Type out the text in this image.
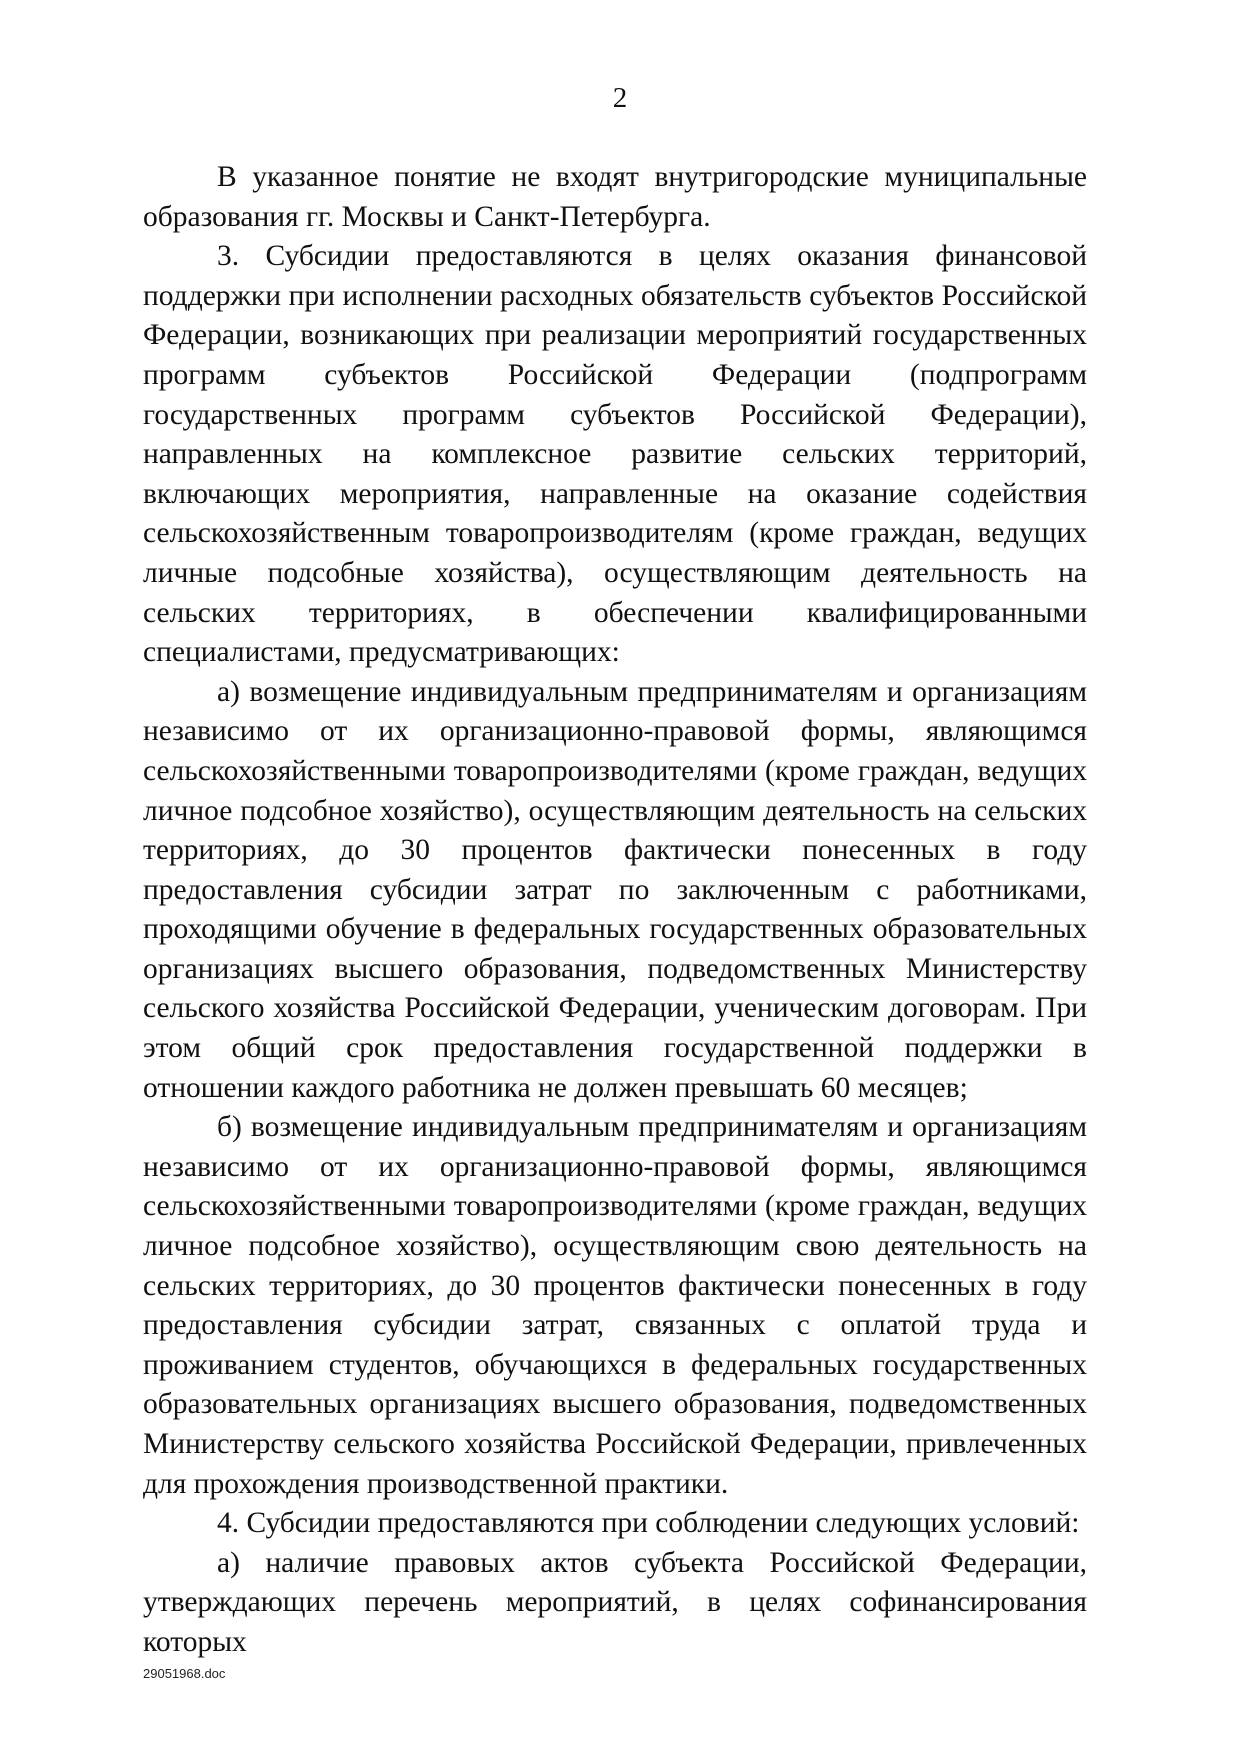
2

В указанное понятие не входят внутригородские муниципальные образования гг. Москвы и Санкт-Петербурга.

3. Субсидии предоставляются в целях оказания финансовой поддержки при исполнении расходных обязательств субъектов Российской Федерации, возникающих при реализации мероприятий государственных программ субъектов Российской Федерации (подпрограмм государственных программ субъектов Российской Федерации), направленных на комплексное развитие сельских территорий, включающих мероприятия, направленные на оказание содействия сельскохозяйственным товаропроизводителям (кроме граждан, ведущих личные подсобные хозяйства), осуществляющим деятельность на сельских территориях, в обеспечении квалифицированными специалистами, предусматривающих:

а) возмещение индивидуальным предпринимателям и организациям независимо от их организационно-правовой формы, являющимся сельскохозяйственными товаропроизводителями (кроме граждан, ведущих личное подсобное хозяйство), осуществляющим деятельность на сельских территориях, до 30 процентов фактически понесенных в году предоставления субсидии затрат по заключенным с работниками, проходящими обучение в федеральных государственных образовательных организациях высшего образования, подведомственных Министерству сельского хозяйства Российской Федерации, ученическим договорам. При этом общий срок предоставления государственной поддержки в отношении каждого работника не должен превышать 60 месяцев;

б) возмещение индивидуальным предпринимателям и организациям независимо от их организационно-правовой формы, являющимся сельскохозяйственными товаропроизводителями (кроме граждан, ведущих личное подсобное хозяйство), осуществляющим свою деятельность на сельских территориях, до 30 процентов фактически понесенных в году предоставления субсидии затрат, связанных с оплатой труда и проживанием студентов, обучающихся в федеральных государственных образовательных организациях высшего образования, подведомственных Министерству сельского хозяйства Российской Федерации, привлеченных для прохождения производственной практики.

4. Субсидии предоставляются при соблюдении следующих условий:

а) наличие правовых актов субъекта Российской Федерации, утверждающих перечень мероприятий, в целях софинансирования которых

29051968.doc
